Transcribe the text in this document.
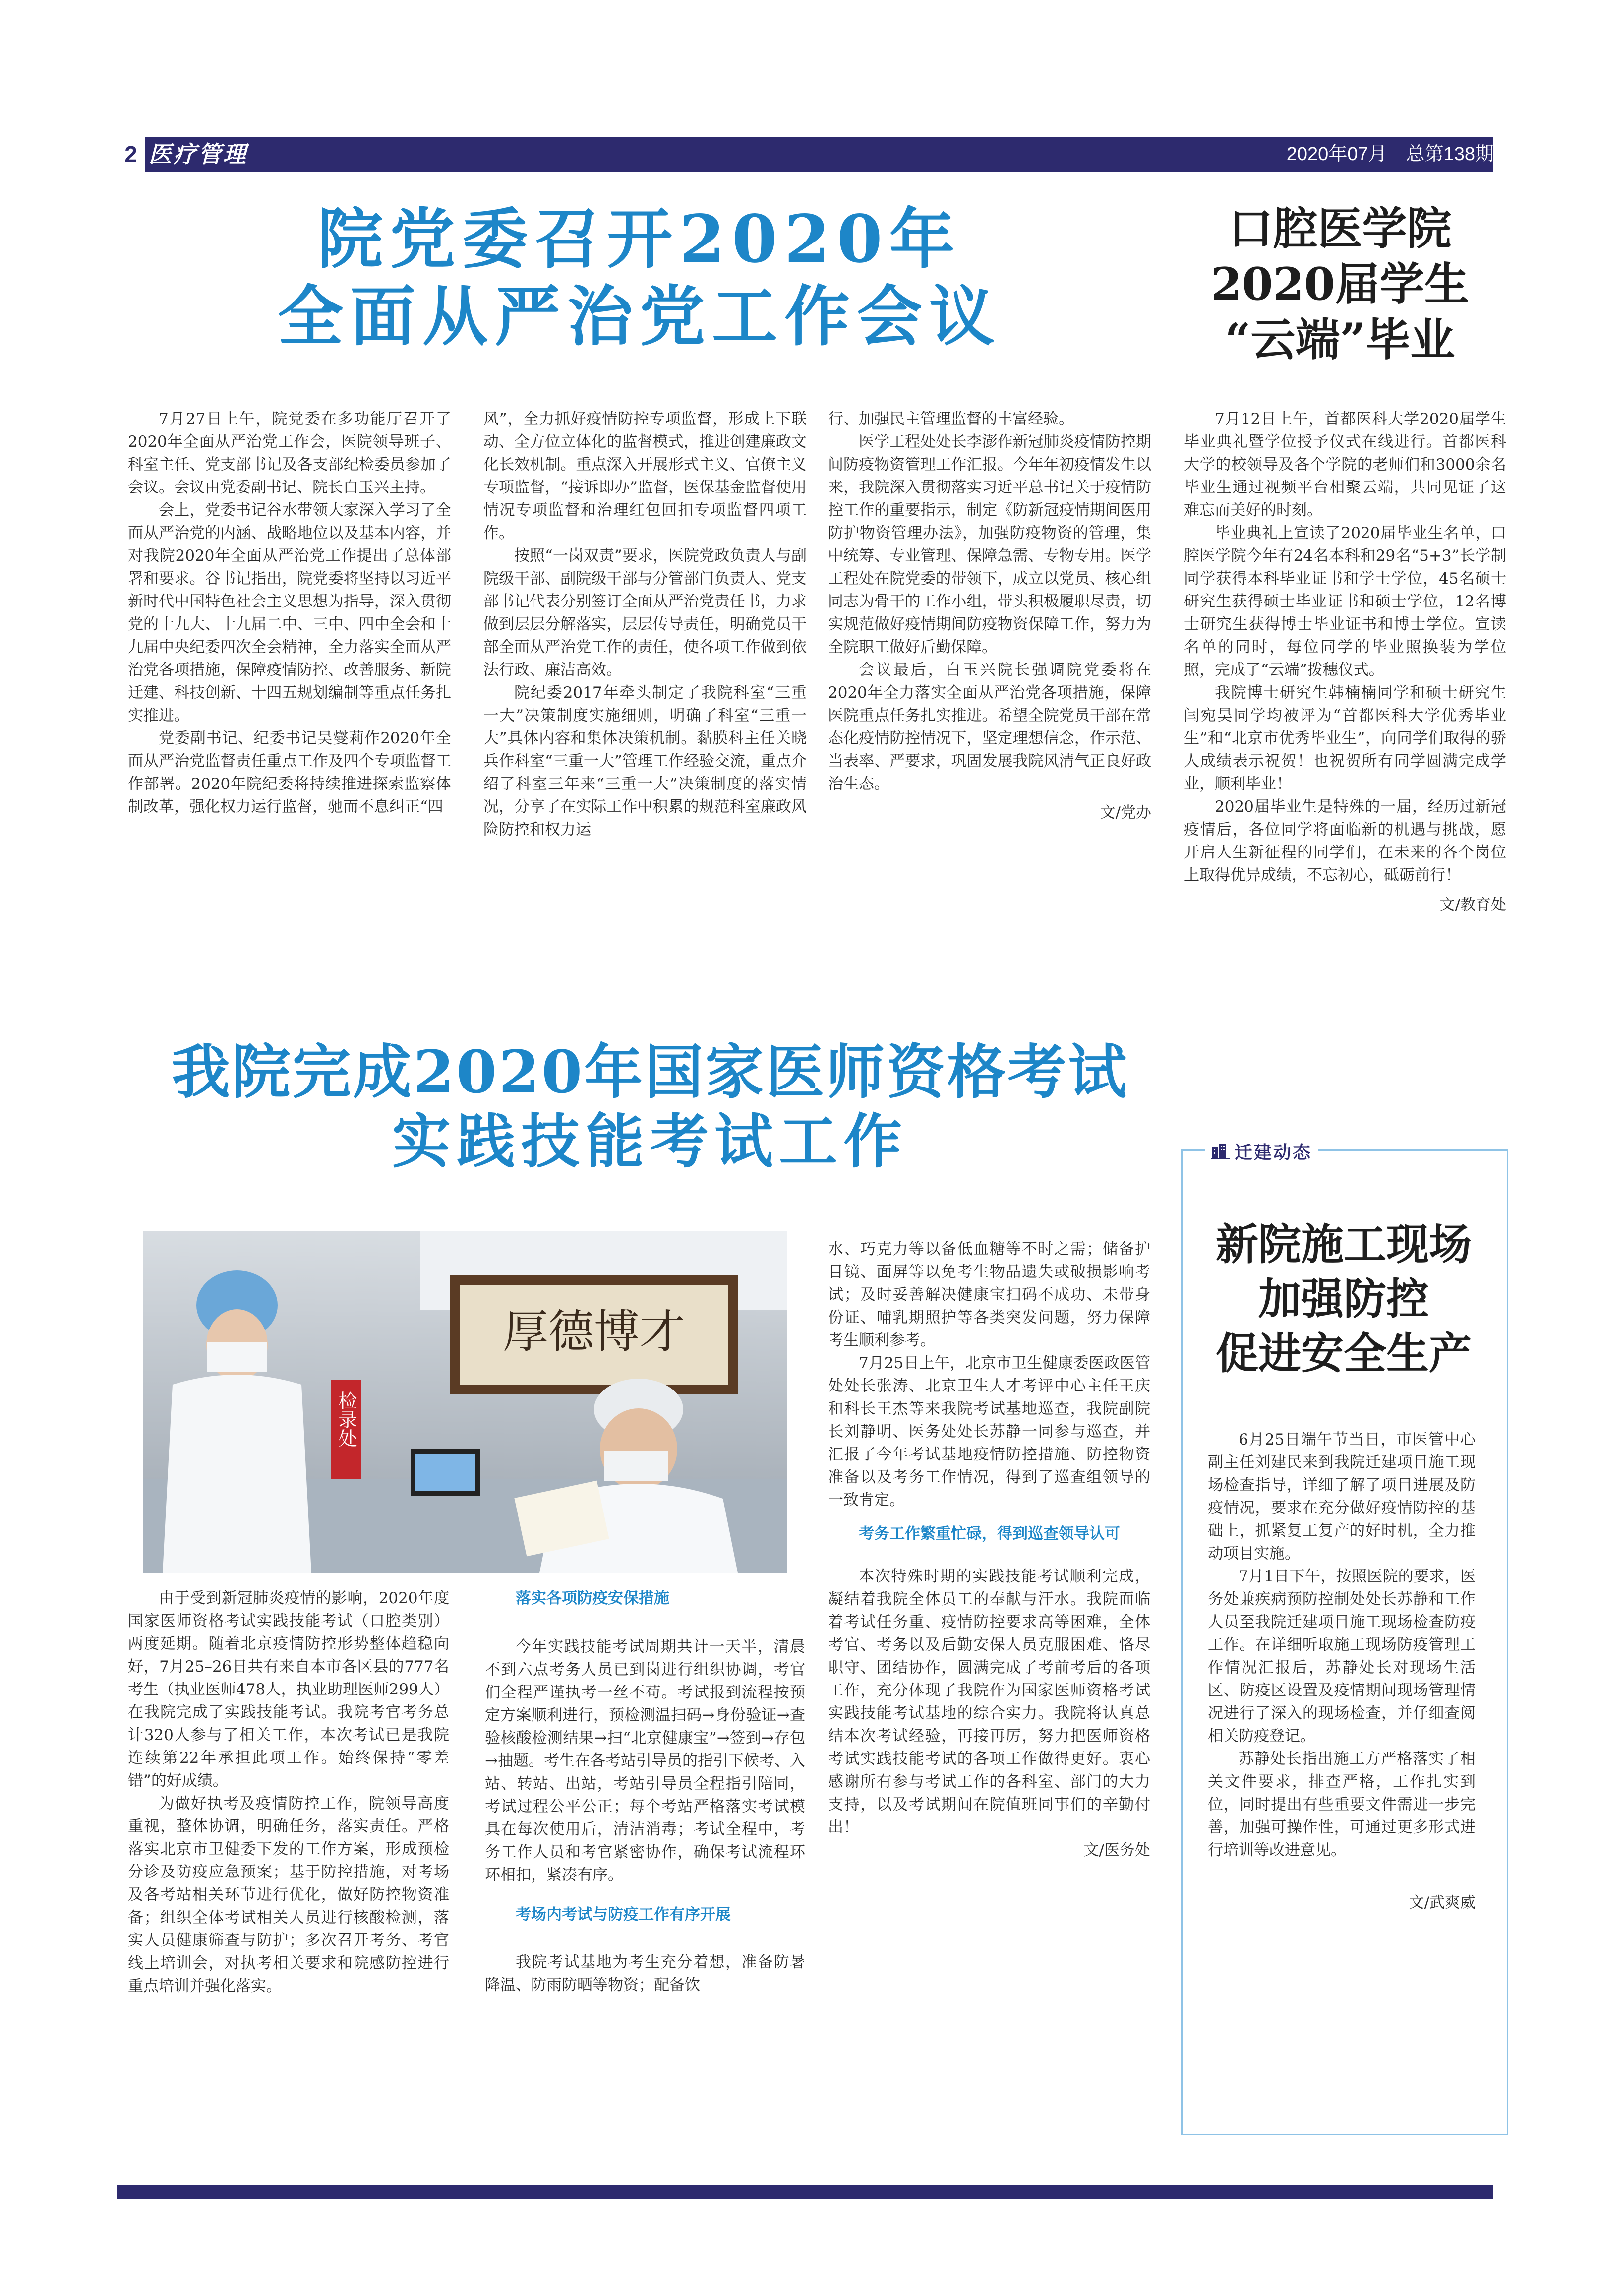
2 医疗管理	2020年07月　总第138期
院党委召开2020年
全面从严治党工作会议

7月27日上午，院党委在多功能厅召开了2020年全面从严治党工作会，医院领导班子、科室主任、党支部书记及各支部纪检委员参加了会议。会议由党委副书记、院长白玉兴主持。

会上，党委书记谷水带领大家深入学习了全面从严治党的内涵、战略地位以及基本内容，并对我院2020年全面从严治党工作提出了总体部署和要求。谷书记指出，院党委将坚持以习近平新时代中国特色社会主义思想为指导，深入贯彻党的十九大、十九届二中、三中、四中全会和十九届中央纪委四次全会精神，全力落实全面从严治党各项措施，保障疫情防控、改善服务、新院迁建、科技创新、十四五规划编制等重点任务扎实推进。

党委副书记、纪委书记吴燮莉作2020年全面从严治党监督责任重点工作及四个专项监督工作部署。2020年院纪委将持续推进探索监察体制改革，强化权力运行监督，驰而不息纠正“四

风”，全力抓好疫情防控专项监督，形成上下联动、全方位立体化的监督模式，推进创建廉政文化长效机制。重点深入开展形式主义、官僚主义专项监督，“接诉即办”监督，医保基金监督使用情况专项监督和治理红包回扣专项监督四项工作。

按照“一岗双责”要求，医院党政负责人与副院级干部、副院级干部与分管部门负责人、党支部书记代表分别签订全面从严治党责任书，力求做到层层分解落实，层层传导责任，明确党员干部全面从严治党工作的责任，使各项工作做到依法行政、廉洁高效。

院纪委2017年牵头制定了我院科室“三重一大”决策制度实施细则，明确了科室“三重一大”具体内容和集体决策机制。黏膜科主任关晓兵作科室“三重一大”管理工作经验交流，重点介绍了科室三年来“三重一大”决策制度的落实情况，分享了在实际工作中积累的规范科室廉政风险防控和权力运

行、加强民主管理监督的丰富经验。

医学工程处处长李澎作新冠肺炎疫情防控期间防疫物资管理工作汇报。今年年初疫情发生以来，我院深入贯彻落实习近平总书记关于疫情防控工作的重要指示，制定《防新冠疫情期间医用防护物资管理办法》，加强防疫物资的管理，集中统筹、专业管理、保障急需、专物专用。医学工程处在院党委的带领下，成立以党员、核心组同志为骨干的工作小组，带头积极履职尽责，切实规范做好疫情期间防疫物资保障工作，努力为全院职工做好后勤保障。

会议最后，白玉兴院长强调院党委将在2020年全力落实全面从严治党各项措施，保障医院重点任务扎实推进。希望全院党员干部在常态化疫情防控情况下，坚定理想信念，作示范、当表率、严要求，巩固发展我院风清气正良好政治生态。

文/党办
口腔医学院
2020届学生
“云端”毕业

7月12日上午，首都医科大学2020届学生毕业典礼暨学位授予仪式在线进行。首都医科大学的校领导及各个学院的老师们和3000余名毕业生通过视频平台相聚云端，共同见证了这难忘而美好的时刻。

毕业典礼上宣读了2020届毕业生名单，口腔医学院今年有24名本科和29名“5+3”长学制同学获得本科毕业证书和学士学位，45名硕士研究生获得硕士毕业证书和硕士学位，12名博士研究生获得博士毕业证书和博士学位。宣读名单的同时，每位同学的毕业照换装为学位照，完成了“云端”拨穗仪式。

我院博士研究生韩楠楠同学和硕士研究生闫宛昊同学均被评为“首都医科大学优秀毕业生”和“北京市优秀毕业生”，向同学们取得的骄人成绩表示祝贺！也祝贺所有同学圆满完成学业，顺利毕业！

2020届毕业生是特殊的一届，经历过新冠疫情后，各位同学将面临新的机遇与挑战，愿开启人生新征程的同学们，在未来的各个岗位上取得优异成绩，不忘初心，砥砺前行！

文/教育处
我院完成2020年国家医师资格考试
实践技能考试工作
厚德博才
检录处

由于受到新冠肺炎疫情的影响，2020年度国家医师资格考试实践技能考试（口腔类别）两度延期。随着北京疫情防控形势整体趋稳向好，7月25–26日共有来自本市各区县的777名考生（执业医师478人，执业助理医师299人）在我院完成了实践技能考试。我院考官考务总计320人参与了相关工作，本次考试已是我院连续第22年承担此项工作。始终保持“零差错”的好成绩。

为做好执考及疫情防控工作，院领导高度重视，整体协调，明确任务，落实责任。严格落实北京市卫健委下发的工作方案，形成预检分诊及防疫应急预案；基于防控措施，对考场及各考站相关环节进行优化，做好防控物资准备；组织全体考试相关人员进行核酸检测，落实人员健康筛查与防护；多次召开考务、考官线上培训会，对执考相关要求和院感防控进行重点培训并强化落实。

落实各项防疫安保措施

今年实践技能考试周期共计一天半，清晨不到六点考务人员已到岗进行组织协调，考官们全程严谨执考一丝不苟。考试报到流程按预定方案顺利进行，预检测温扫码→身份验证→查验核酸检测结果→扫“北京健康宝”→签到→存包→抽题。考生在各考站引导员的指引下候考、入站、转站、出站，考站引导员全程指引陪同，考试过程公平公正；每个考站严格落实考试模具在每次使用后，清洁消毒；考试全程中，考务工作人员和考官紧密协作，确保考试流程环环相扣，紧凑有序。

考场内考试与防疫工作有序开展

我院考试基地为考生充分着想，准备防暑降温、防雨防晒等物资；配备饮

水、巧克力等以备低血糖等不时之需；储备护目镜、面屏等以免考生物品遗失或破损影响考试；及时妥善解决健康宝扫码不成功、未带身份证、哺乳期照护等各类突发问题，努力保障考生顺利参考。

7月25日上午，北京市卫生健康委医政医管处处长张涛、北京卫生人才考评中心主任王庆和科长王杰等来我院考试基地巡查，我院副院长刘静明、医务处处长苏静一同参与巡查，并汇报了今年考试基地疫情防控措施、防控物资准备以及考务工作情况，得到了巡查组领导的一致肯定。

考务工作繁重忙碌，得到巡查领导认可

本次特殊时期的实践技能考试顺利完成，凝结着我院全体员工的奉献与汗水。我院面临着考试任务重、疫情防控要求高等困难，全体考官、考务以及后勤安保人员克服困难、恪尽职守、团结协作，圆满完成了考前考后的各项工作，充分体现了我院作为国家医师资格考试实践技能考试基地的综合实力。我院将认真总结本次考试经验，再接再厉，努力把医师资格考试实践技能考试的各项工作做得更好。衷心感谢所有参与考试工作的各科室、部门的大力支持，以及考试期间在院值班同事们的辛勤付出！

文/医务处
迁建动态
新院施工现场
加强防控
促进安全生产

6月25日端午节当日，市医管中心副主任刘建民来到我院迁建项目施工现场检查指导，详细了解了项目进展及防疫情况，要求在充分做好疫情防控的基础上，抓紧复工复产的好时机，全力推动项目实施。

7月1日下午，按照医院的要求，医务处兼疾病预防控制处处长苏静和工作人员至我院迁建项目施工现场检查防疫工作。在详细听取施工现场防疫管理工作情况汇报后，苏静处长对现场生活区、防疫区设置及疫情期间现场管理情况进行了深入的现场检查，并仔细查阅相关防疫登记。

苏静处长指出施工方严格落实了相关文件要求，排查严格，工作扎实到位，同时提出有些重要文件需进一步完善，加强可操作性，可通过更多形式进行培训等改进意见。

文/武爽威
